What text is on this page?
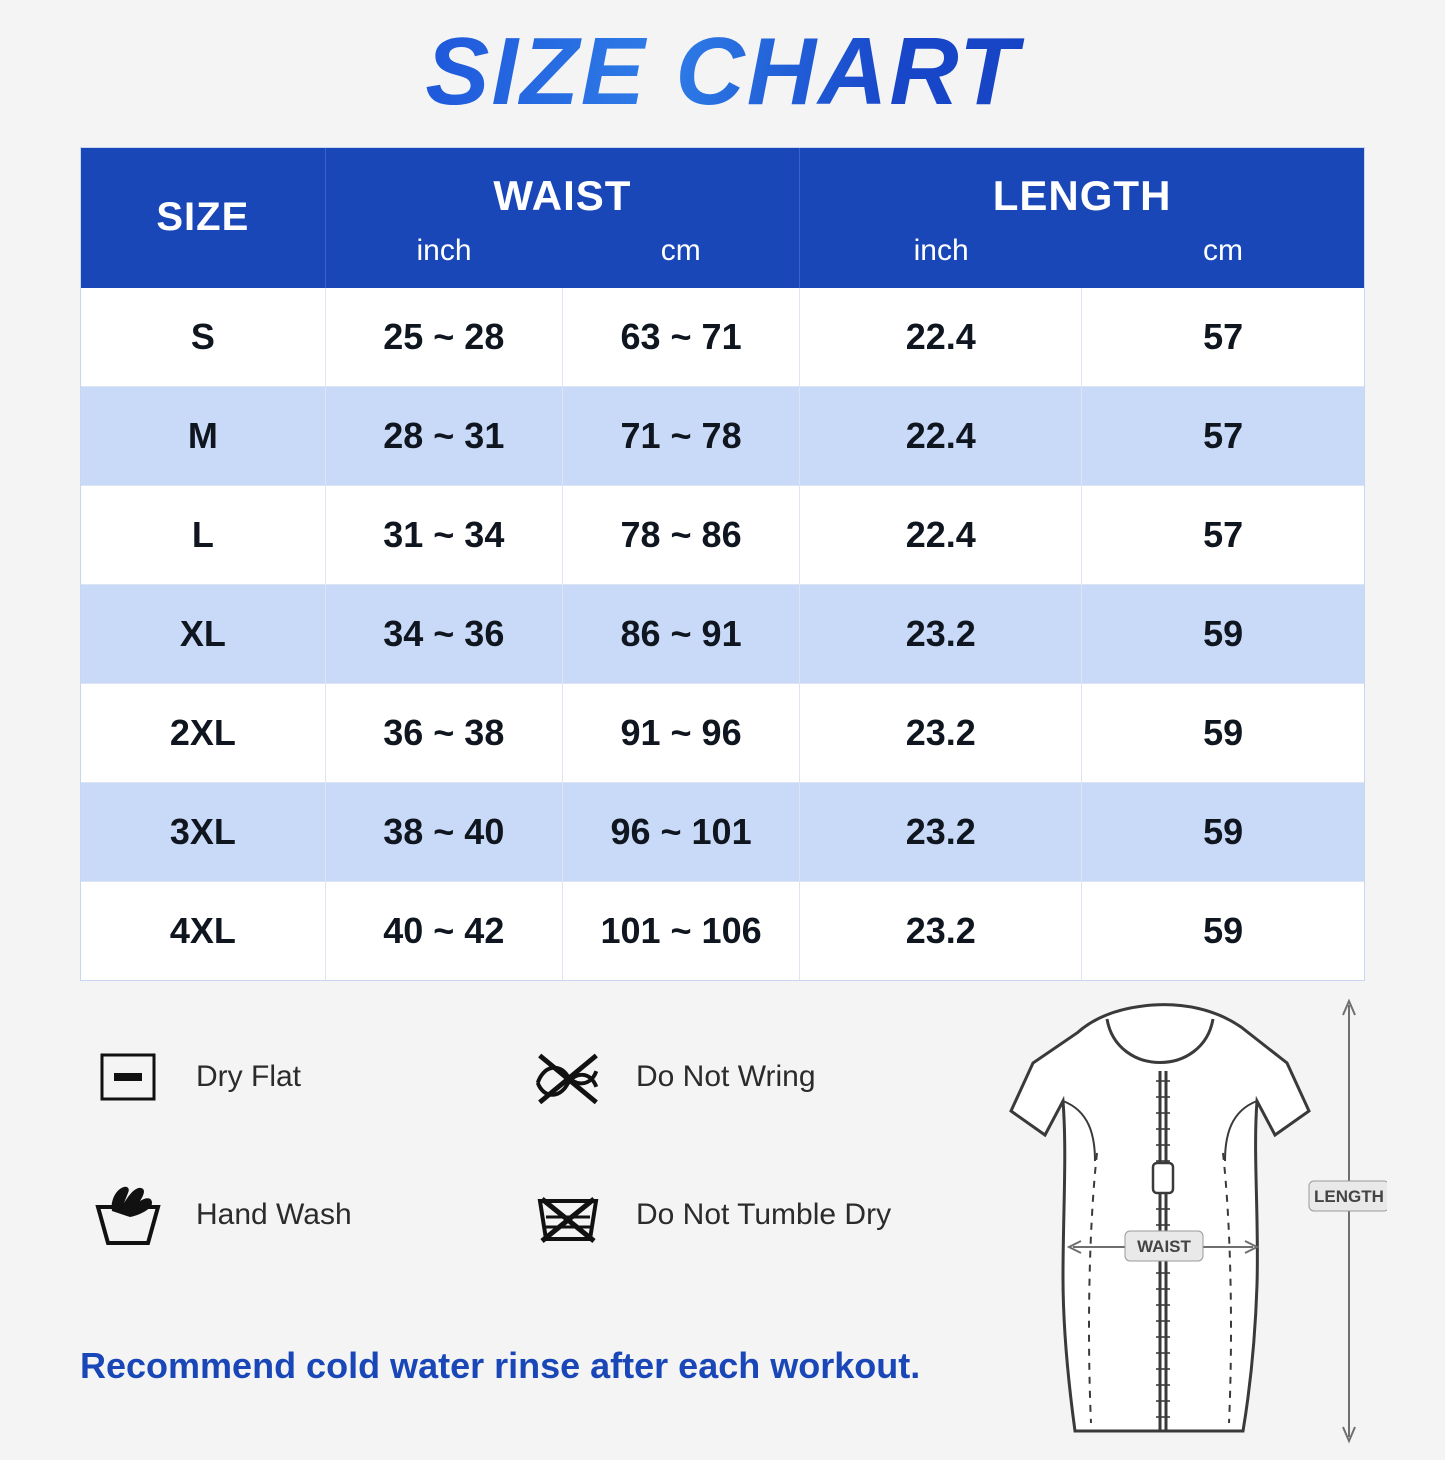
SIZE CHART
SIZE	WAIST
inch	cm

LENGTH
inch	cm

S	25 ~ 28	63 ~ 71	22.4	57
M	28 ~ 31	71 ~ 78	22.4	57
L	31 ~ 34	78 ~ 86	22.4	57
XL	34 ~ 36	86 ~ 91	23.2	59
2XL	36 ~ 38	91 ~ 96	23.2	59
3XL	38 ~ 40	96 ~ 101	23.2	59
4XL	40 ~ 42	101 ~ 106	23.2	59
Dry Flat	Do Not Wring
Hand Wash	Do Not Tumble Dry
Recommend cold water rinse after each workout.
WAIST
LENGTH
